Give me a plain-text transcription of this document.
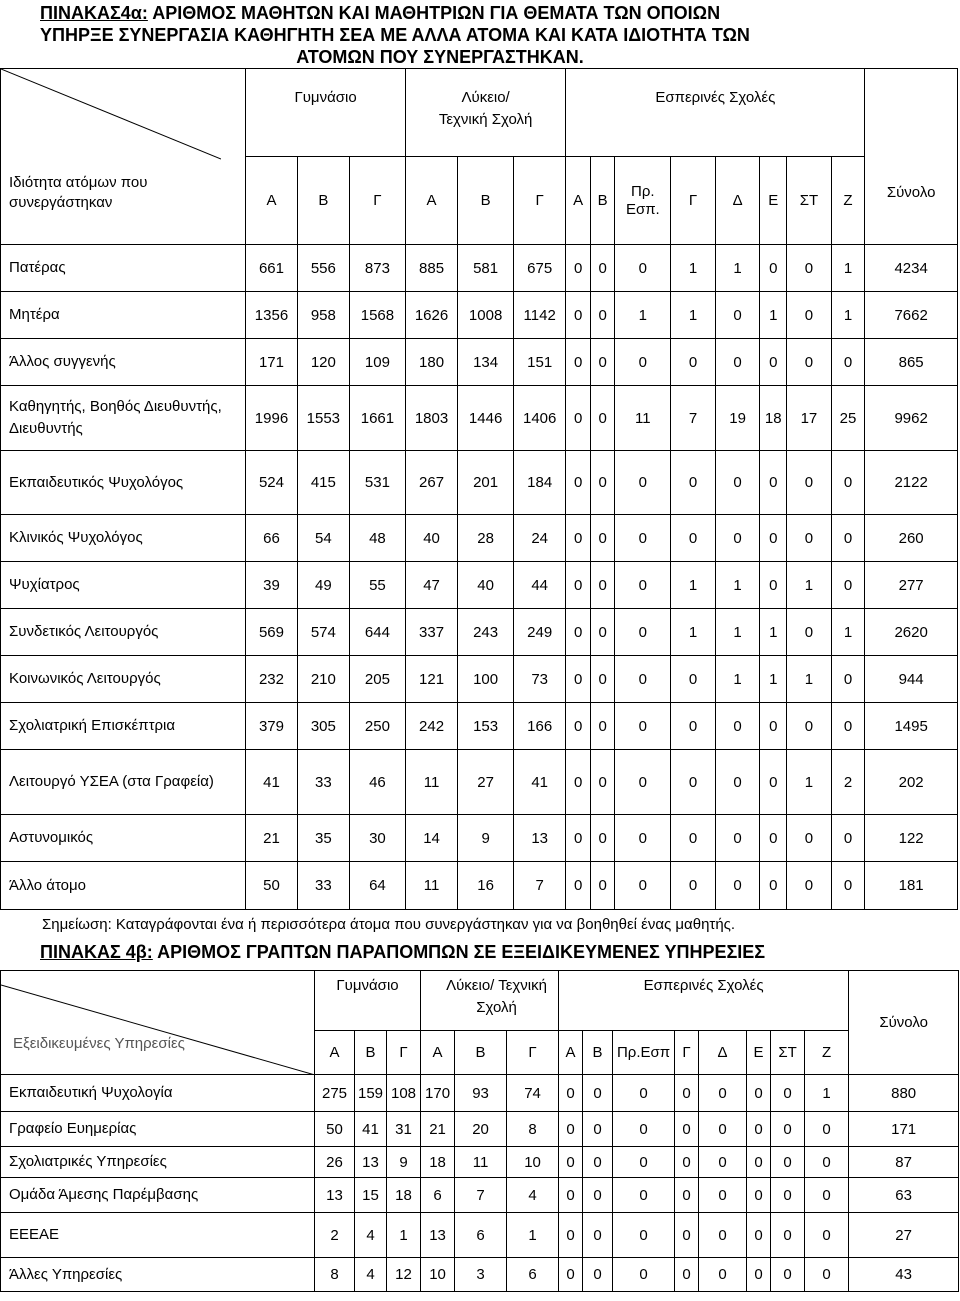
ΠΙΝΑΚΑΣ4α: ΑΡΙΘΜΟΣ ΜΑΘΗΤΩΝ ΚΑΙ ΜΑΘΗΤΡΙΩΝ ΓΙΑ ΘΕΜΑΤΑ ΤΩΝ ΟΠΟΙΩΝ
ΥΠΗΡΞΕ ΣΥΝΕΡΓΑΣΙΑ ΚΑΘΗΓΗΤΗ ΣΕΑ ΜΕ ΑΛΛΑ ΑΤΟΜΑ ΚΑΙ ΚΑΤΑ ΙΔΙΟΤΗΤΑ ΤΩΝ
ΑΤΟΜΩΝ ΠΟΥ ΣΥΝΕΡΓΑΣΤΗΚΑΝ.
Ιδιότητα ατόμων που συνεργάστηκαν	Γυμνάσιο			Λύκειο/ Τεχνική Σχολή			Εσπερινές Σχολές								Σύνολο
	Α	Β	Γ	Α	Β	Γ	Α	Β	Πρ. Εσπ.	Γ	Δ	Ε	ΣΤ	Ζ	
Πατέρας	661	556	873	885	581	675	0	0	0	1	1	0	0	1	4234
Μητέρα	1356	958	1568	1626	1008	1142	0	0	1	1	0	1	0	1	7662
Άλλος συγγενής	171	120	109	180	134	151	0	0	0	0	0	0	0	0	865
Καθηγητής, Βοηθός Διευθυντής, Διευθυντής	1996	1553	1661	1803	1446	1406	0	0	11	7	19	18	17	25	9962
Εκπαιδευτικός Ψυχολόγος	524	415	531	267	201	184	0	0	0	0	0	0	0	0	2122
Κλινικός Ψυχολόγος	66	54	48	40	28	24	0	0	0	0	0	0	0	0	260
Ψυχίατρος	39	49	55	47	40	44	0	0	0	1	1	0	1	0	277
Συνδετικός Λειτουργός	569	574	644	337	243	249	0	0	0	1	1	1	0	1	2620
Κοινωνικός Λειτουργός	232	210	205	121	100	73	0	0	0	0	1	1	1	0	944
Σχολιατρική Επισκέπτρια	379	305	250	242	153	166	0	0	0	0	0	0	0	0	1495
Λειτουργό ΥΣΕΑ (στα Γραφεία)	41	33	46	11	27	41	0	0	0	0	0	0	1	2	202
Αστυνομικός	21	35	30	14	9	13	0	0	0	0	0	0	0	0	122
Άλλο άτομο	50	33	64	11	16	7	0	0	0	0	0	0	0	0	181
Σημείωση: Καταγράφονται ένα ή περισσότερα άτομα που συνεργάστηκαν για να βοηθηθεί ένας μαθητής.
ΠΙΝΑΚΑΣ 4β: ΑΡΙΘΜΟΣ ΓΡΑΠΤΩΝ ΠΑΡΑΠΟΜΠΩΝ ΣΕ ΕΞΕΙΔΙΚΕΥΜΕΝΕΣ ΥΠΗΡΕΣΙΕΣ
Εξειδικευμένες Υπηρεσίες	Γυμνάσιο			Λύκειο/ Τεχνική Σχολή			Εσπερινές Σχολές								Σύνολο
	Α	Β	Γ	Α	Β	Γ	Α	Β	Πρ.Εσπ	Γ	Δ	Ε	ΣΤ	Ζ	
Εκπαιδευτική Ψυχολογία	275	159	108	170	93	74	0	0	0	0	0	0	0	1	880
Γραφείο Ευημερίας	50	41	31	21	20	8	0	0	0	0	0	0	0	0	171
Σχολιατρικές Υπηρεσίες	26	13	9	18	11	10	0	0	0	0	0	0	0	0	87
Ομάδα Άμεσης Παρέμβασης	13	15	18	6	7	4	0	0	0	0	0	0	0	0	63
ΕΕΕΑΕ	2	4	1	13	6	1	0	0	0	0	0	0	0	0	27
Άλλες Υπηρεσίες	8	4	12	10	3	6	0	0	0	0	0	0	0	0	43
